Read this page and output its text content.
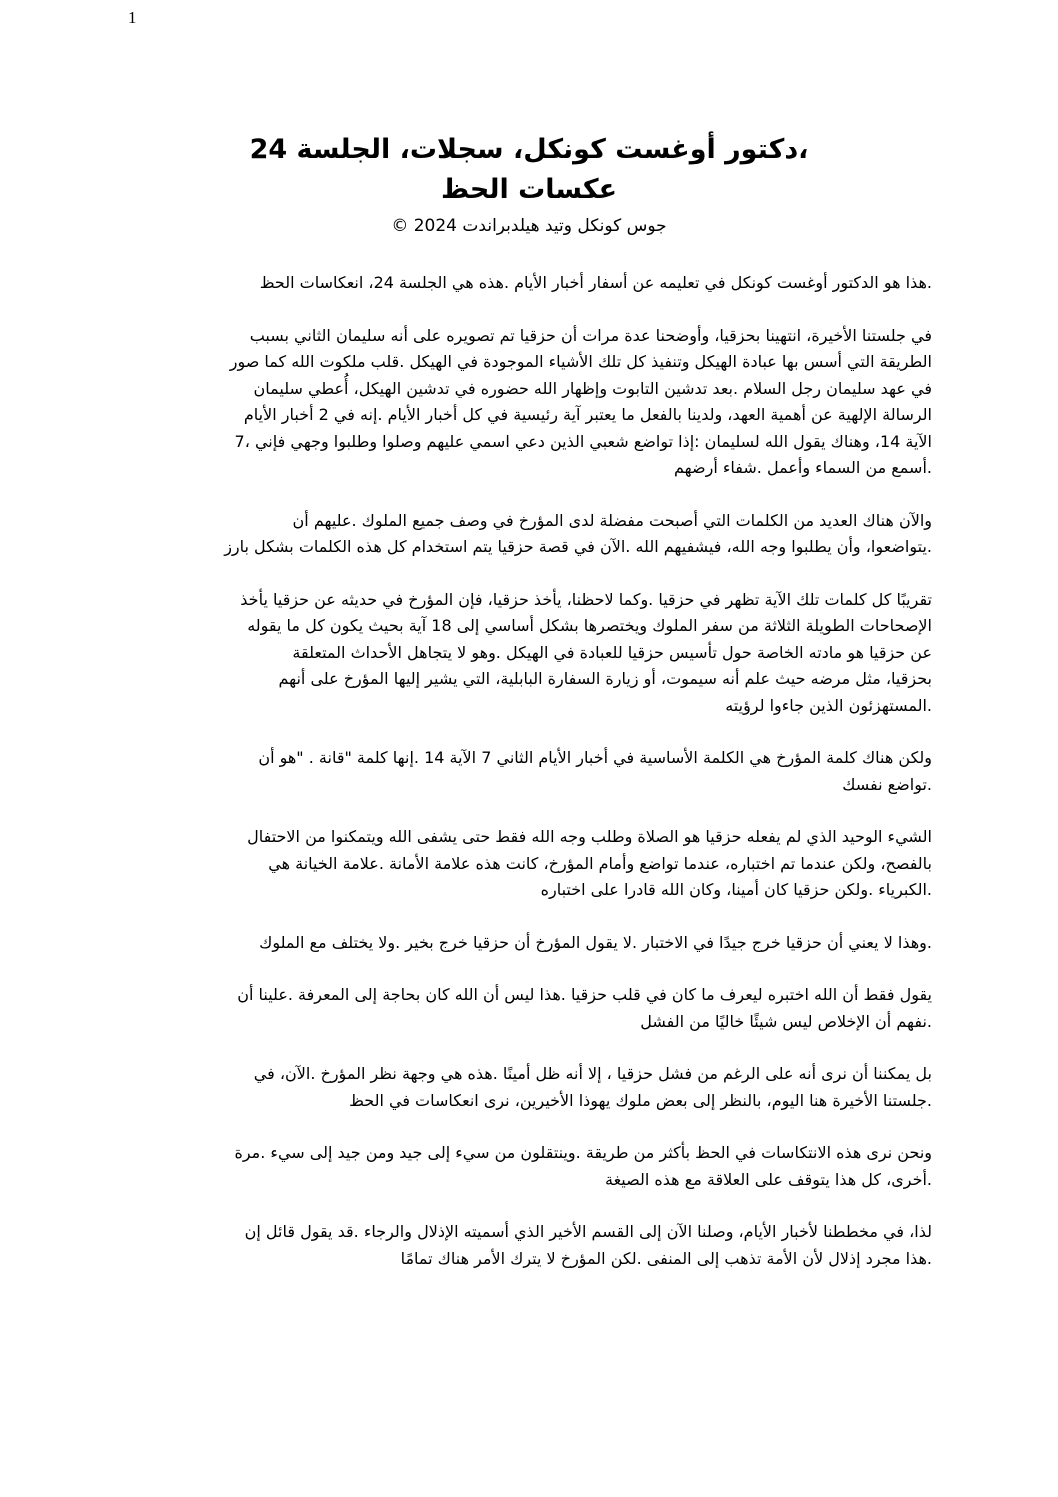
1
،دكتور أوغست كونكل، سجلات، الجلسة 24
عكسات الحظ
جوس كونكل وتيد هيلدبراندت 2024 ©
.هذا هو الدكتور أوغست كونكل في تعليمه عن أسفار أخبار الأيام .هذه هي الجلسة 24، انعكاسات الحظ
في جلستنا الأخيرة، انتهينا بحزقيا، وأوضحنا عدة مرات أن حزقيا تم تصويره على أنه سليمان الثاني بسبب
الطريقة التي أسس بها عبادة الهيكل وتنفيذ كل تلك الأشياء الموجودة في الهيكل .قلب ملكوت الله كما صور
في عهد سليمان رجل السلام .بعد تدشين التابوت وإظهار الله حضوره في تدشين الهيكل، أُعطي سليمان
الرسالة الإلهية عن أهمية العهد، ولدينا بالفعل ما يعتبر آية رئيسية في كل أخبار الأيام .إنه في 2 أخبار الأيام
الآية 14، وهناك يقول الله لسليمان :إذا تواضع شعبي الذين دعي اسمي عليهم وصلوا وطلبوا وجهي فإني ،7
.أسمع من السماء وأعمل .شفاء أرضهم
والآن هناك العديد من الكلمات التي أصبحت مفضلة لدى المؤرخ في وصف جميع الملوك .عليهم أن
.يتواضعوا، وأن يطلبوا وجه الله، فيشفيهم الله .الآن في قصة حزقيا يتم استخدام كل هذه الكلمات بشكل بارز
تقريبًا كل كلمات تلك الآية تظهر في حزقيا .وكما لاحظنا، يأخذ حزقيا، فإن المؤرخ في حديثه عن حزقيا يأخذ
الإصحاحات الطويلة الثلاثة من سفر الملوك ويختصرها بشكل أساسي إلى 18 آية بحيث يكون كل ما يقوله
عن حزقيا هو مادته الخاصة حول تأسيس حزقيا للعبادة في الهيكل .وهو لا يتجاهل الأحداث المتعلقة
بحزقيا، مثل مرضه حيث علم أنه سيموت، أو زيارة السفارة البابلية، التي يشير إليها المؤرخ على أنهم
.المستهزئون الذين جاءوا لرؤيته
ولكن هناك كلمة المؤرخ هي الكلمة الأساسية في أخبار الأيام الثاني 7 الآية 14 .إنها كلمة "قانة . "هو أن
.تواضع نفسك
الشيء الوحيد الذي لم يفعله حزقيا هو الصلاة وطلب وجه الله فقط حتى يشفى الله ويتمكنوا من الاحتفال
بالفصح، ولكن عندما تم اختباره، عندما تواضع وأمام المؤرخ، كانت هذه علامة الأمانة .علامة الخيانة هي
.الكبرياء .ولكن حزقيا كان أمينا، وكان الله قادرا على اختباره
.وهذا لا يعني أن حزقيا خرج جيدًا في الاختبار .لا يقول المؤرخ أن حزقيا خرج بخير .ولا يختلف مع الملوك
يقول فقط أن الله اختبره ليعرف ما كان في قلب حزقيا .هذا ليس أن الله كان بحاجة إلى المعرفة .علينا أن
.نفهم أن الإخلاص ليس شيئًا خاليًا من الفشل
بل يمكننا أن نرى أنه على الرغم من فشل حزقيا ، إلا أنه ظل أمينًا .هذه هي وجهة نظر المؤرخ .الآن، في
.جلستنا الأخيرة هنا اليوم، بالنظر إلى بعض ملوك يهوذا الأخيرين، نرى انعكاسات في الحظ
ونحن نرى هذه الانتكاسات في الحظ بأكثر من طريقة .وينتقلون من سيء إلى جيد ومن جيد إلى سيء .مرة
.أخرى، كل هذا يتوقف على العلاقة مع هذه الصيغة
لذا، في مخططنا لأخبار الأيام، وصلنا الآن إلى القسم الأخير الذي أسميته الإذلال والرجاء .قد يقول قائل إن
.هذا مجرد إذلال لأن الأمة تذهب إلى المنفى .لكن المؤرخ لا يترك الأمر هناك تمامًا
